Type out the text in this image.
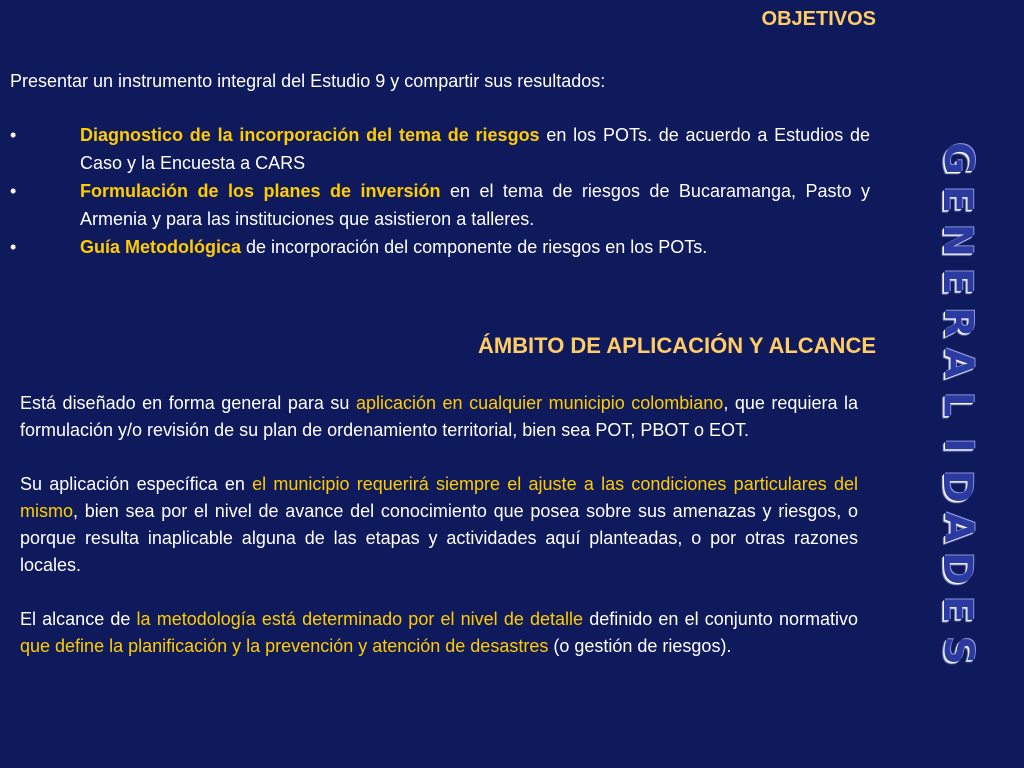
OBJETIVOS

Presentar un instrumento integral del Estudio 9 y compartir sus resultados:

•	Diagnostico de la incorporación del tema de riesgos en los POTs. de acuerdo a Estudios de Caso y la Encuesta a CARS
•	Formulación de los planes de inversión en el tema de riesgos de Bucaramanga, Pasto y Armenia y para las instituciones que asistieron a talleres.
•	Guía Metodológica de incorporación del componente de riesgos en los POTs.
ÁMBITO DE APLICACIÓN Y ALCANCE

Está diseñado en forma general para su aplicación en cualquier municipio colombiano, que requiera la formulación y/o revisión de su plan de ordenamiento territorial, bien sea POT, PBOT o EOT.

Su aplicación específica en el municipio requerirá siempre el ajuste a las condiciones particulares del mismo, bien sea por el nivel de avance del conocimiento que posea sobre sus amenazas y riesgos, o porque resulta inaplicable alguna de las etapas y actividades aquí planteadas, o por otras razones locales.

El alcance de la metodología está determinado por el nivel de detalle definido en el conjunto normativo que define la planificación y la prevención y atención de desastres (o gestión de riesgos).

G
E
N
E
R
A
L
I
D
A
D
E
S
